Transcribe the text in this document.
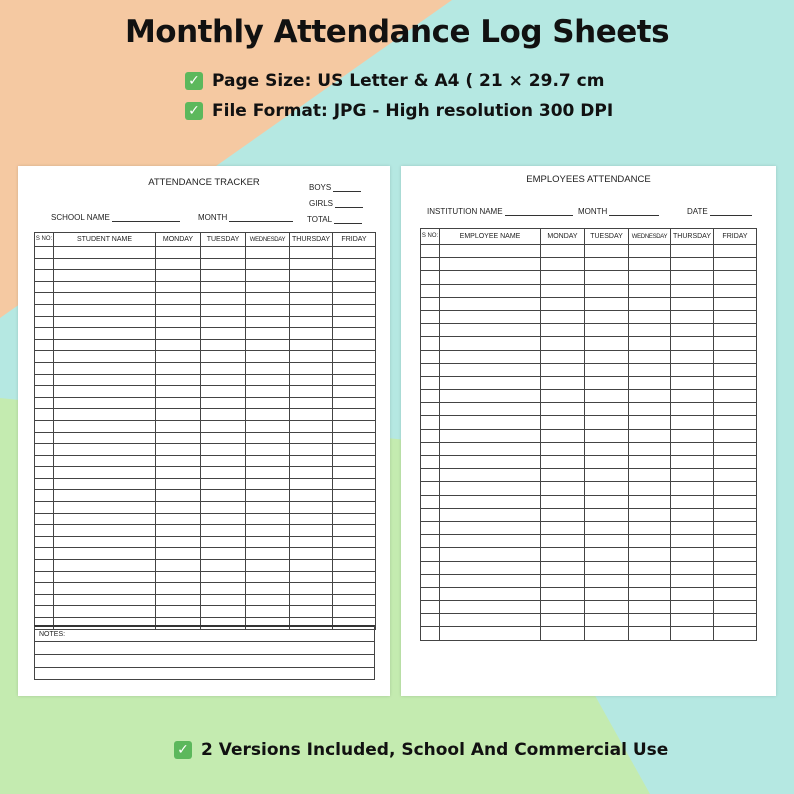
Monthly Attendance Log Sheets
✓ Page Size: US Letter & A4 ( 21 × 29.7 cm
✓ File Format: JPG - High resolution 300 DPI
ATTENDANCE TRACKER	BOYS
GIRLS
SCHOOL NAME	MONTH	TOTAL
S NO:	STUDENT NAME	MONDAY	TUESDAY	WEDNESDAY	THURSDAY	FRIDAY

NOTES:
EMPLOYEES ATTENDANCE
INSTITUTION NAME	MONTH	DATE
S NO:	EMPLOYEE NAME	MONDAY	TUESDAY	WEDNESDAY	THURSDAY	FRIDAY

✓ 2 Versions Included, School And Commercial Use
